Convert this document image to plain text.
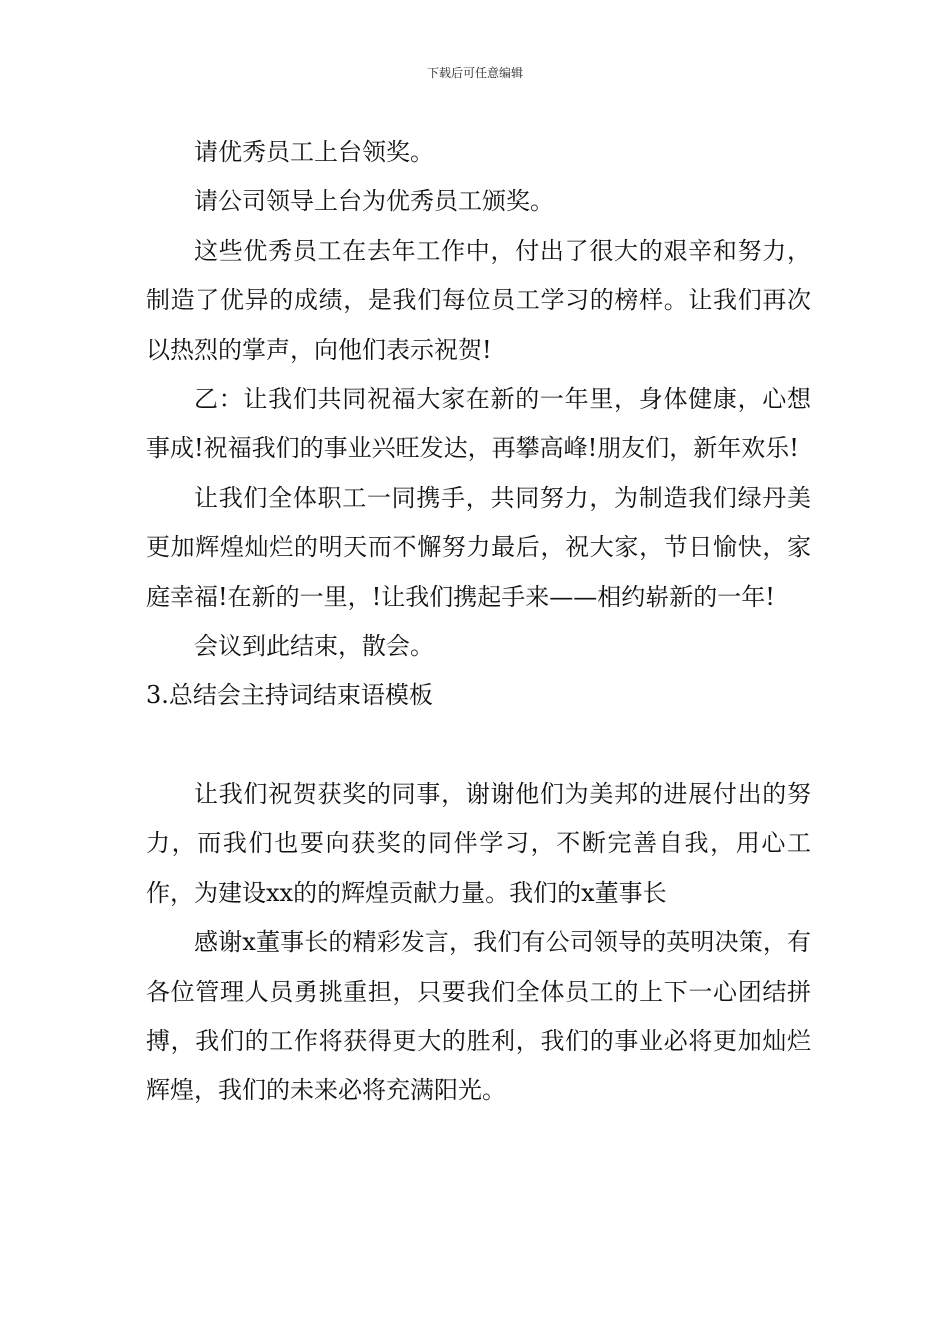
下载后可任意编辑

请优秀员工上台领奖。

请公司领导上台为优秀员工颁奖。

这些优秀员工在去年工作中，付出了很大的艰辛和努力，制造了优异的成绩，是我们每位员工学习的榜样。让我们再次以热烈的掌声，向他们表示祝贺!

乙：让我们共同祝福大家在新的一年里，身体健康，心想事成!祝福我们的事业兴旺发达，再攀高峰!朋友们，新年欢乐!

让我们全体职工一同携手，共同努力，为制造我们绿丹美更加辉煌灿烂的明天而不懈努力最后，祝大家，节日愉快，家庭幸福!在新的一里，!让我们携起手来——相约崭新的一年!

会议到此结束，散会。

3.总结会主持词结束语模板

让我们祝贺获奖的同事，谢谢他们为美邦的进展付出的努力，而我们也要向获奖的同伴学习，不断完善自我，用心工作，为建设xx的的辉煌贡献力量。我们的x董事长

感谢x董事长的精彩发言，我们有公司领导的英明决策，有各位管理人员勇挑重担，只要我们全体员工的上下一心团结拼搏，我们的工作将获得更大的胜利，我们的事业必将更加灿烂辉煌，我们的未来必将充满阳光。
